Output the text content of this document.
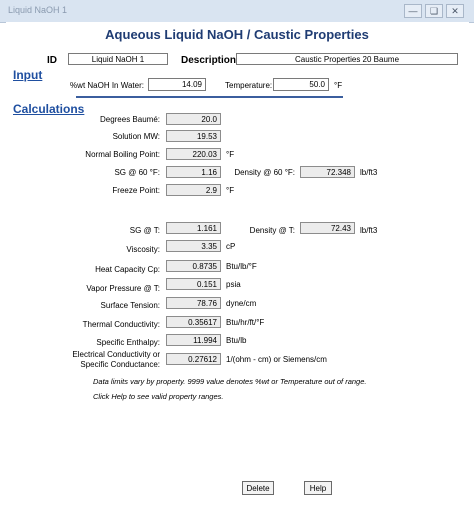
Liquid NaOH 1	—	❏	✕
Aqueous Liquid NaOH / Caustic Properties
ID	Liquid NaOH 1	Description	Caustic Properties 20 Baume
Input
%wt NaOH In Water:	14.09	Temperature:	50.0	°F
Calculations
Degrees Baumé:	20.0
Solution MW:	19.53
Normal Boiling Point:	220.03	°F
SG @ 60 °F:	1.16	Density @ 60 °F:	72.348	lb/ft3
Freeze Point:	2.9	°F
SG @ T:	1.161	Density @ T:	72.43	lb/ft3
Viscosity:	3.35	cP
Heat Capacity Cp:	0.8735	Btu/lb/°F
Vapor Pressure @ T:	0.151	psia
Surface Tension:	78.76	dyne/cm
Thermal Conductivity:	0.35617	Btu/hr/ft/°F
Specific Enthalpy:	11.994	Btu/lb
Electrical Conductivity or
Specific Conductance:
0.27612	1/(ohm - cm) or Siemens/cm
Data limits vary by property. 9999 value denotes %wt or Temperature out of range.
Click Help to see valid property ranges.
Delete	Help
